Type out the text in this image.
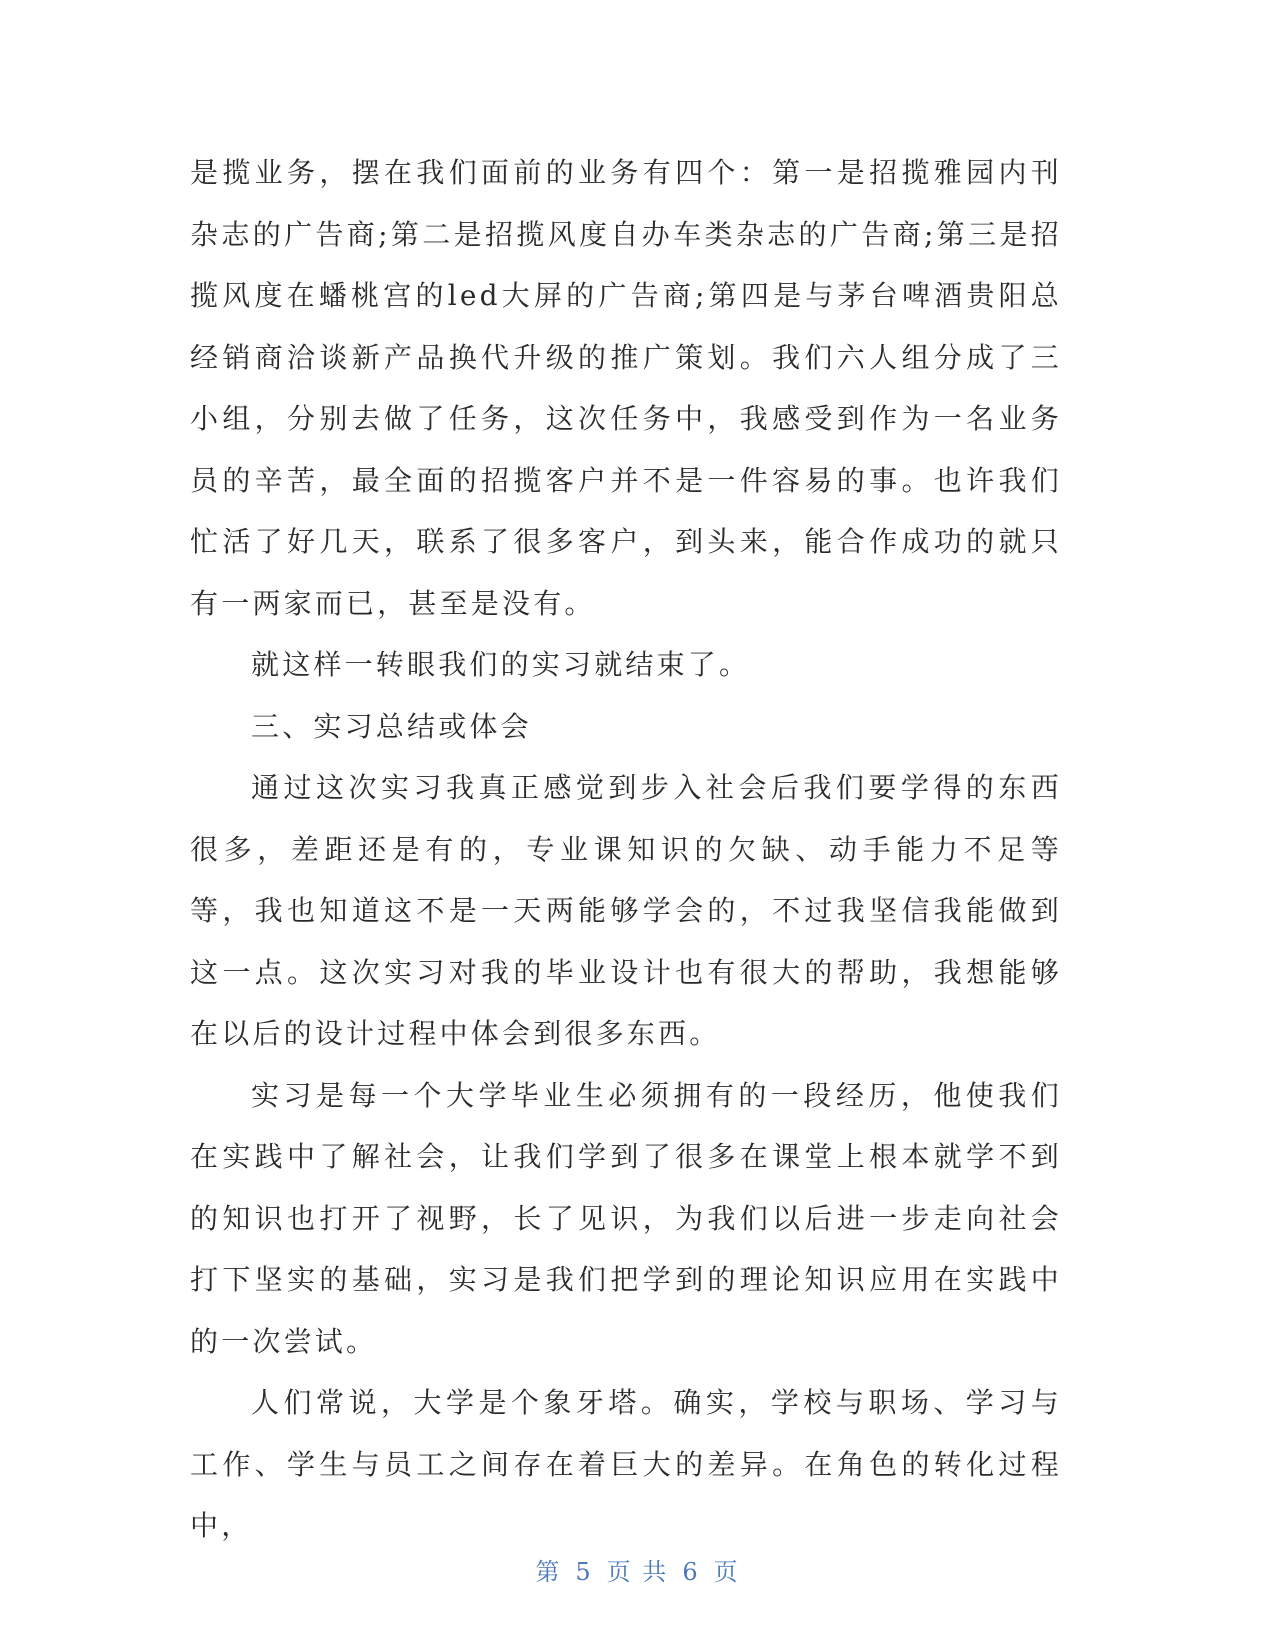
是揽业务，摆在我们面前的业务有四个：第一是招揽雅园内刊杂志的广告商;第二是招揽风度自办车类杂志的广告商;第三是招揽风度在蟠桃宫的led大屏的广告商;第四是与茅台啤酒贵阳总经销商洽谈新产品换代升级的推广策划。我们六人组分成了三小组，分别去做了任务，这次任务中，我感受到作为一名业务员的辛苦，最全面的招揽客户并不是一件容易的事。也许我们忙活了好几天，联系了很多客户，到头来，能合作成功的就只有一两家而已，甚至是没有。

就这样一转眼我们的实习就结束了。

三、实习总结或体会

通过这次实习我真正感觉到步入社会后我们要学得的东西很多，差距还是有的，专业课知识的欠缺、动手能力不足等等，我也知道这不是一天两能够学会的，不过我坚信我能做到这一点。这次实习对我的毕业设计也有很大的帮助，我想能够在以后的设计过程中体会到很多东西。

实习是每一个大学毕业生必须拥有的一段经历，他使我们在实践中了解社会，让我们学到了很多在课堂上根本就学不到的知识也打开了视野，长了见识，为我们以后进一步走向社会打下坚实的基础，实习是我们把学到的理论知识应用在实践中的一次尝试。

人们常说，大学是个象牙塔。确实，学校与职场、学习与工作、学生与员工之间存在着巨大的差异。在角色的转化过程中，

第 5 页 共 6 页
